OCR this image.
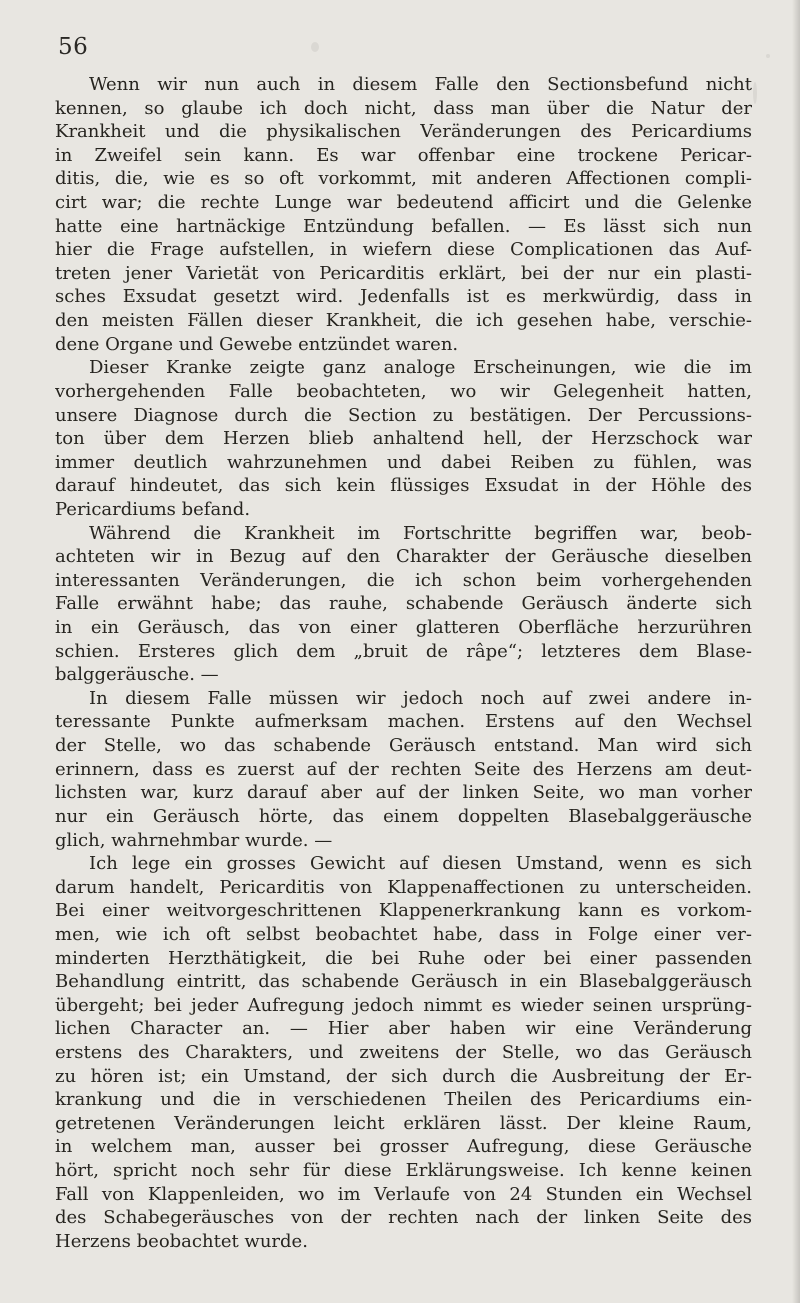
56
Wenn wir nun auch in diesem Falle den Sectionsbefund nicht
kennen, so glaube ich doch nicht, dass man über die Natur der
Krankheit und die physikalischen Veränderungen des Pericardiums
in Zweifel sein kann. Es war offenbar eine trockene Pericar-
ditis, die, wie es so oft vorkommt, mit anderen Affectionen compli-
cirt war; die rechte Lunge war bedeutend afficirt und die Gelenke
hatte eine hartnäckige Entzündung befallen. — Es lässt sich nun
hier die Frage aufstellen, in wiefern diese Complicationen das Auf-
treten jener Varietät von Pericarditis erklärt, bei der nur ein plasti-
sches Exsudat gesetzt wird. Jedenfalls ist es merkwürdig, dass in
den meisten Fällen dieser Krankheit, die ich gesehen habe, verschie-
dene Organe und Gewebe entzündet waren.
Dieser Kranke zeigte ganz analoge Erscheinungen, wie die im
vorhergehenden Falle beobachteten, wo wir Gelegenheit hatten,
unsere Diagnose durch die Section zu bestätigen. Der Percussions-
ton über dem Herzen blieb anhaltend hell, der Herzschock war
immer deutlich wahrzunehmen und dabei Reiben zu fühlen, was
darauf hindeutet, das sich kein flüssiges Exsudat in der Höhle des
Pericardiums befand.
Während die Krankheit im Fortschritte begriffen war, beob-
achteten wir in Bezug auf den Charakter der Geräusche dieselben
interessanten Veränderungen, die ich schon beim vorhergehenden
Falle erwähnt habe; das rauhe, schabende Geräusch änderte sich
in ein Geräusch, das von einer glatteren Oberfläche herzurühren
schien. Ersteres glich dem „bruit de râpe“; letzteres dem Blase-
balggeräusche. —
In diesem Falle müssen wir jedoch noch auf zwei andere in-
teressante Punkte aufmerksam machen. Erstens auf den Wechsel
der Stelle, wo das schabende Geräusch entstand. Man wird sich
erinnern, dass es zuerst auf der rechten Seite des Herzens am deut-
lichsten war, kurz darauf aber auf der linken Seite, wo man vorher
nur ein Geräusch hörte, das einem doppelten Blasebalggeräusche
glich, wahrnehmbar wurde. —
Ich lege ein grosses Gewicht auf diesen Umstand, wenn es sich
darum handelt, Pericarditis von Klappenaffectionen zu unterscheiden.
Bei einer weitvorgeschrittenen Klappenerkrankung kann es vorkom-
men, wie ich oft selbst beobachtet habe, dass in Folge einer ver-
minderten Herzthätigkeit, die bei Ruhe oder bei einer passenden
Behandlung eintritt, das schabende Geräusch in ein Blasebalggeräusch
übergeht; bei jeder Aufregung jedoch nimmt es wieder seinen ursprüng-
lichen Character an. — Hier aber haben wir eine Veränderung
erstens des Charakters, und zweitens der Stelle, wo das Geräusch
zu hören ist; ein Umstand, der sich durch die Ausbreitung der Er-
krankung und die in verschiedenen Theilen des Pericardiums ein-
getretenen Veränderungen leicht erklären lässt. Der kleine Raum,
in welchem man, ausser bei grosser Aufregung, diese Geräusche
hört, spricht noch sehr für diese Erklärungsweise. Ich kenne keinen
Fall von Klappenleiden, wo im Verlaufe von 24 Stunden ein Wechsel
des Schabegeräusches von der rechten nach der linken Seite des
Herzens beobachtet wurde.
